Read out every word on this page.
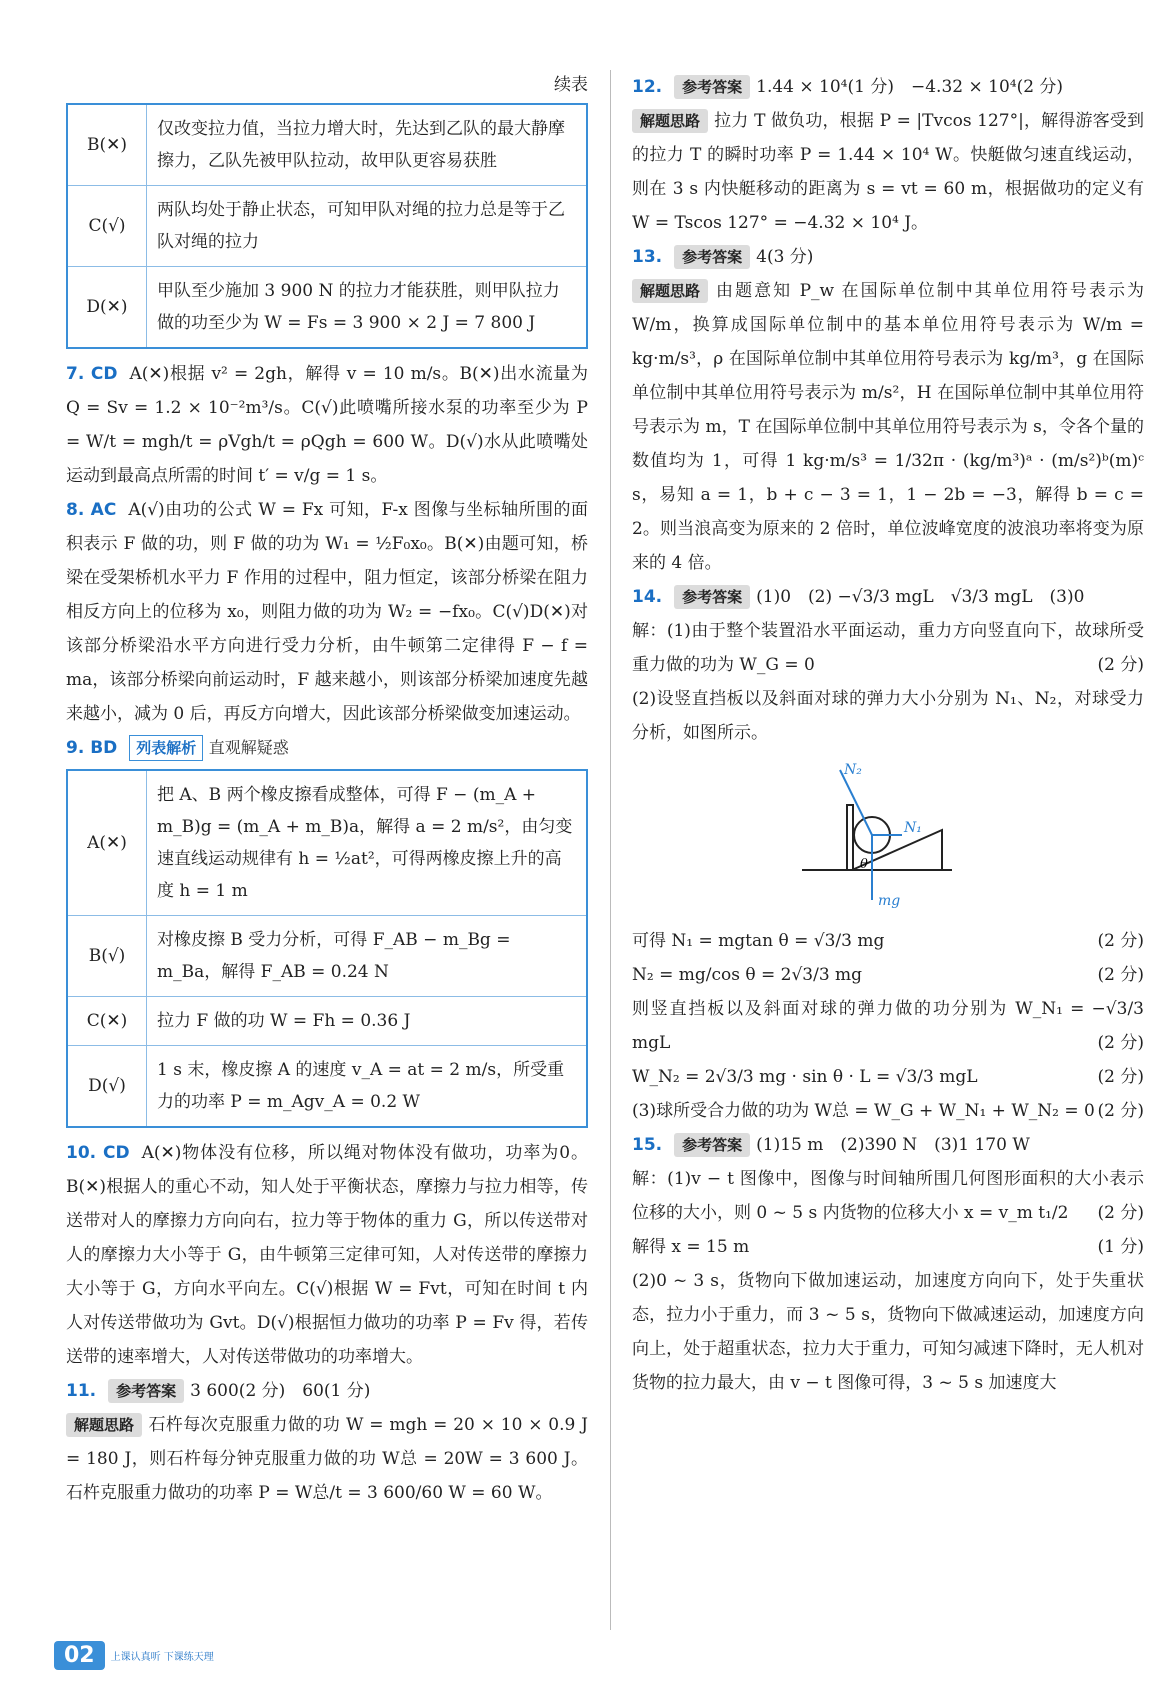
续表
B(✕)	仅改变拉力值，当拉力增大时，先达到乙队的最大静摩擦力，乙队先被甲队拉动，故甲队更容易获胜
C(√)	两队均处于静止状态，可知甲队对绳的拉力总是等于乙队对绳的拉力
D(✕)	甲队至少施加 3 900 N 的拉力才能获胜，则甲队拉力做的功至少为 W = Fs = 3 900 × 2 J = 7 800 J

7. CD A(✕)根据 v² = 2gh，解得 v = 10 m/s。B(✕)出水流量为 Q = Sv = 1.2 × 10⁻²m³/s。C(√)此喷嘴所接水泵的功率至少为 P = W/t = mgh/t = ρVgh/t = ρQgh = 600 W。D(√)水从此喷嘴处运动到最高点所需的时间 t′ = v/g = 1 s。

8. AC A(√)由功的公式 W = Fx 可知，F-x 图像与坐标轴所围的面积表示 F 做的功，则 F 做的功为 W₁ = ½F₀x₀。B(✕)由题可知，桥梁在受架桥机水平力 F 作用的过程中，阻力恒定，该部分桥梁在阻力相反方向上的位移为 x₀，则阻力做的功为 W₂ = −fx₀。C(√)D(✕)对该部分桥梁沿水平方向进行受力分析，由牛顿第二定律得 F − f = ma，该部分桥梁向前运动时，F 越来越小，则该部分桥梁加速度先越来越小，减为 0 后，再反方向增大，因此该部分桥梁做变加速运动。

9. BD 列表解析 直观解疑惑

A(✕)	把 A、B 两个橡皮擦看成整体，可得 F − (m_A + m_B)g = (m_A + m_B)a，解得 a = 2 m/s²，由匀变速直线运动规律有 h = ½at²，可得两橡皮擦上升的高度 h = 1 m
B(√)	对橡皮擦 B 受力分析，可得 F_AB − m_Bg = m_Ba，解得 F_AB = 0.24 N
C(✕)	拉力 F 做的功 W = Fh = 0.36 J
D(√)	1 s 末，橡皮擦 A 的速度 v_A = at = 2 m/s，所受重力的功率 P = m_Agv_A = 0.2 W

10. CD A(✕)物体没有位移，所以绳对物体没有做功，功率为0。B(✕)根据人的重心不动，知人处于平衡状态，摩擦力与拉力相等，传送带对人的摩擦力方向向右，拉力等于物体的重力 G，所以传送带对人的摩擦力大小等于 G，由牛顿第三定律可知，人对传送带的摩擦力大小等于 G，方向水平向左。C(√)根据 W = Fvt，可知在时间 t 内人对传送带做功为 Gvt。D(√)根据恒力做功的功率 P = Fv 得，若传送带的速率增大，人对传送带做功的功率增大。

11. 参考答案 3 600(2 分)　60(1 分)

解题思路 石杵每次克服重力做的功 W = mgh = 20 × 10 × 0.9 J = 180 J，则石杵每分钟克服重力做的功 W总 = 20W = 3 600 J。石杵克服重力做功的功率 P = W总/t = 3 600/60 W = 60 W。

12. 参考答案 1.44 × 10⁴(1 分)　−4.32 × 10⁴(2 分)

解题思路 拉力 T 做负功，根据 P = |Tvcos 127°|，解得游客受到的拉力 T 的瞬时功率 P = 1.44 × 10⁴ W。快艇做匀速直线运动，则在 3 s 内快艇移动的距离为 s = vt = 60 m，根据做功的定义有 W = Tscos 127° = −4.32 × 10⁴ J。

13. 参考答案 4(3 分)

解题思路 由题意知 P_w 在国际单位制中其单位用符号表示为 W/m，换算成国际单位制中的基本单位用符号表示为 W/m = kg·m/s³，ρ 在国际单位制中其单位用符号表示为 kg/m³，g 在国际单位制中其单位用符号表示为 m/s²，H 在国际单位制中其单位用符号表示为 m，T 在国际单位制中其单位用符号表示为 s，令各个量的数值均为 1，可得 1 kg·m/s³ = 1/32π · (kg/m³)ᵃ · (m/s²)ᵇ(m)ᶜ s，易知 a = 1，b + c − 3 = 1，1 − 2b = −3，解得 b = c = 2。则当浪高变为原来的 2 倍时，单位波峰宽度的波浪功率将变为原来的 4 倍。

14. 参考答案 (1)0　(2) −√3/3 mgL　√3/3 mgL　(3)0

解：(1)由于整个装置沿水平面运动，重力方向竖直向下，故球所受重力做的功为 W_G = 0	(2 分)

(2)设竖直挡板以及斜面对球的弹力大小分别为 N₁、N₂，对球受力分析，如图所示。

N₂
N₁
θ
mg

可得 N₁ = mgtan θ = √3/3 mg	(2 分)

N₂ = mg/cos θ = 2√3/3 mg	(2 分)

则竖直挡板以及斜面对球的弹力做的功分别为 W_N₁ = −√3/3 mgL	(2 分)

W_N₂ = 2√3/3 mg · sin θ · L = √3/3 mgL	(2 分)

(3)球所受合力做的功为 W总 = W_G + W_N₁ + W_N₂ = 0 (2 分)

15. 参考答案 (1)15 m　(2)390 N　(3)1 170 W

解：(1)v − t 图像中，图像与时间轴所围几何图形面积的大小表示位移的大小，则 0 ~ 5 s 内货物的位移大小 x = v_m t₁/2 (2 分)

解得 x = 15 m	(1 分)

(2)0 ~ 3 s，货物向下做加速运动，加速度方向向下，处于失重状态，拉力小于重力，而 3 ~ 5 s，货物向下做减速运动，加速度方向向上，处于超重状态，拉力大于重力，可知匀减速下降时，无人机对货物的拉力最大，由 v − t 图像可得，3 ~ 5 s 加速度大

02	上课认真听 下课练天理
